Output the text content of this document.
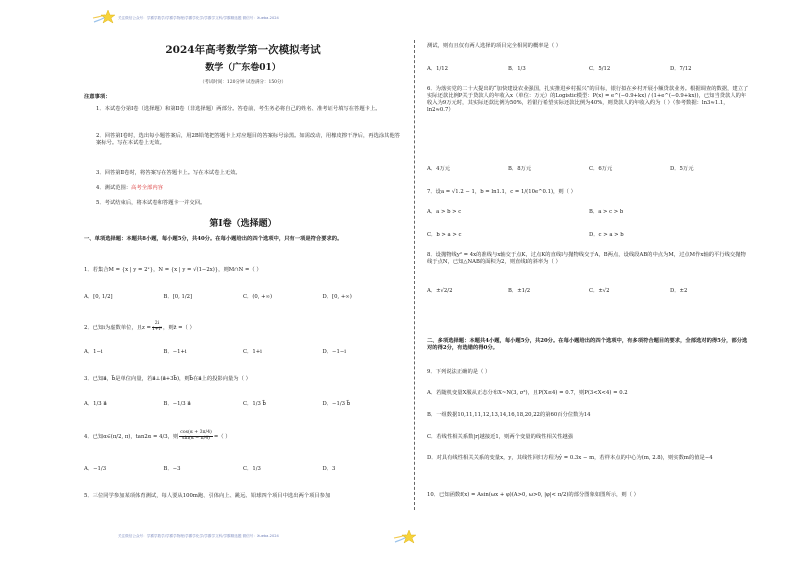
关注微信公众号：学霸学数学/学霸学物理/学霸学化学/学霸学文科/学霸精选题 微信号：Xueba-2024
关注微信公众号：学霸学数学/学霸学物理/学霸学化学/学霸学文科/学霸精选题 微信号：Xueba-2024
2024年高考数学第一次模拟考试
数学（广东卷01）
（考试时间：120分钟 试卷满分：150分）
注意事项：
1．本试卷分第Ⅰ卷（选择题）和第Ⅱ卷（非选择题）两部分。答卷前，考生务必将自己的姓名、准考证号填写在答题卡上。
2．回答第Ⅰ卷时，选出每小题答案后，用2B铅笔把答题卡上对应题目的答案标号涂黑。如需改动，用橡皮擦干净后，再选涂其他答案标号。写在本试卷上无效。
3．回答第Ⅱ卷时，将答案写在答题卡上。写在本试卷上无效。
4．测试范围：高考全部内容
5．考试结束后，将本试卷和答题卡一并交回。
第Ⅰ卷（选择题）
一、单项选择题：本题共8小题，每小题5分，共40分。在每小题给出的四个选项中，只有一项是符合要求的。
1．若集合M = {x | y = 2ˣ}，N = {x | y = √(1−2x)}，则M∩N =（ ）
A．[0, 1/2]	B．[0, 1/2]	C．(0, +∞)	D．[0, +∞)
2．已知i为虚数单位，且$z = \frac{2i}{\text{1+i³}}$ ，则z̄ =（ ）
A．1−i	B．−1+i	C．1+i	D．−1−i
3．已知a⃗，b⃗是单位向量，若a⃗⊥(a⃗+3b⃗)，则b⃗在a⃗上的投影向量为（ ）
A．1/3 a⃗	B．−1/3 a⃗	C．1/3 b⃗	D．−1/3 b⃗
4．已知α∈(π/2, π)，tan2α = 4/3，则 $\frac{\cos(\alpha + 3\pi/4)}{\sin(\alpha - \pi/4)}$ =（ ）
A．−1/3	B．−3	C．1/3	D．3
5．三位同学参加某项体育测试，每人要从100m跑、引体向上、跳远、铅球四个项目中选出两个项目参加
测试，则有且仅有两人选择的项目完全相同的概率是（ ）
A．1/12	B．1/3	C．5/12	D．7/12
6．为落实党的二十大提出的“加快建设农业强国，扎实推进乡村振兴”的目标，银行拟在乡村开展小额贷款业务。根据调查的数据，建立了实际还款比例P关于贷款人的年收入x（单位：万元）的Logistic模型：P(x) = e^(−0.9+kx) / (1+e^(−0.9+kx))，已知当贷款人的年收入为9万元时，其实际还款比例为50%，若银行希望实际还款比例为40%，则贷款人的年收入约为（ ）（参考数据：ln3≈1.1，ln2≈0.7）
A．4万元	B．8万元	C．6万元	D．5万元
7．设a = √1.2 − 1，b = ln1.1，c = 1/(10e^0.1)，则（ ）
A．a > b > c	B．a > c > b
C．b > a > c	D．c > a > b
8．设抛物线y² = 4x的准线与x轴交于点K，过点K的直线l与抛物线交于A，B两点，设线段AB的中点为M，过点M作x轴的平行线交抛物线于点N，已知△NAB的面积为2，则直线l的斜率为（ ）
A．±√2/2	B．±1/2	C．±√2	D．±2
二、多项选择题：本题共4小题，每小题5分，共20分。在每小题给出的四个选项中，有多项符合题目的要求，全部选对的得5分，部分选对的得2分，有选错的得0分。
9．下列说法正确的是（ ）
A．若随机变量X服从正态分布X~N(3, σ²)，且P(X≤4) = 0.7，则P(3<X<4) = 0.2
B．一组数据10,11,11,12,13,14,16,18,20,22的第60百分位数为14
C．若线性相关系数|r|越接近1，则两个变量的线性相关性越强
D．对具有线性相关关系的变量x，y，其线性回归方程为ŷ = 0.3x − m，若样本点的中心为(m, 2.8)，则实数m的值是−4
10．已知函数f(x) = Asin(ωx + φ)(A>0, ω>0, |φ|< π/2)的部分图象如图所示，则（ ）
